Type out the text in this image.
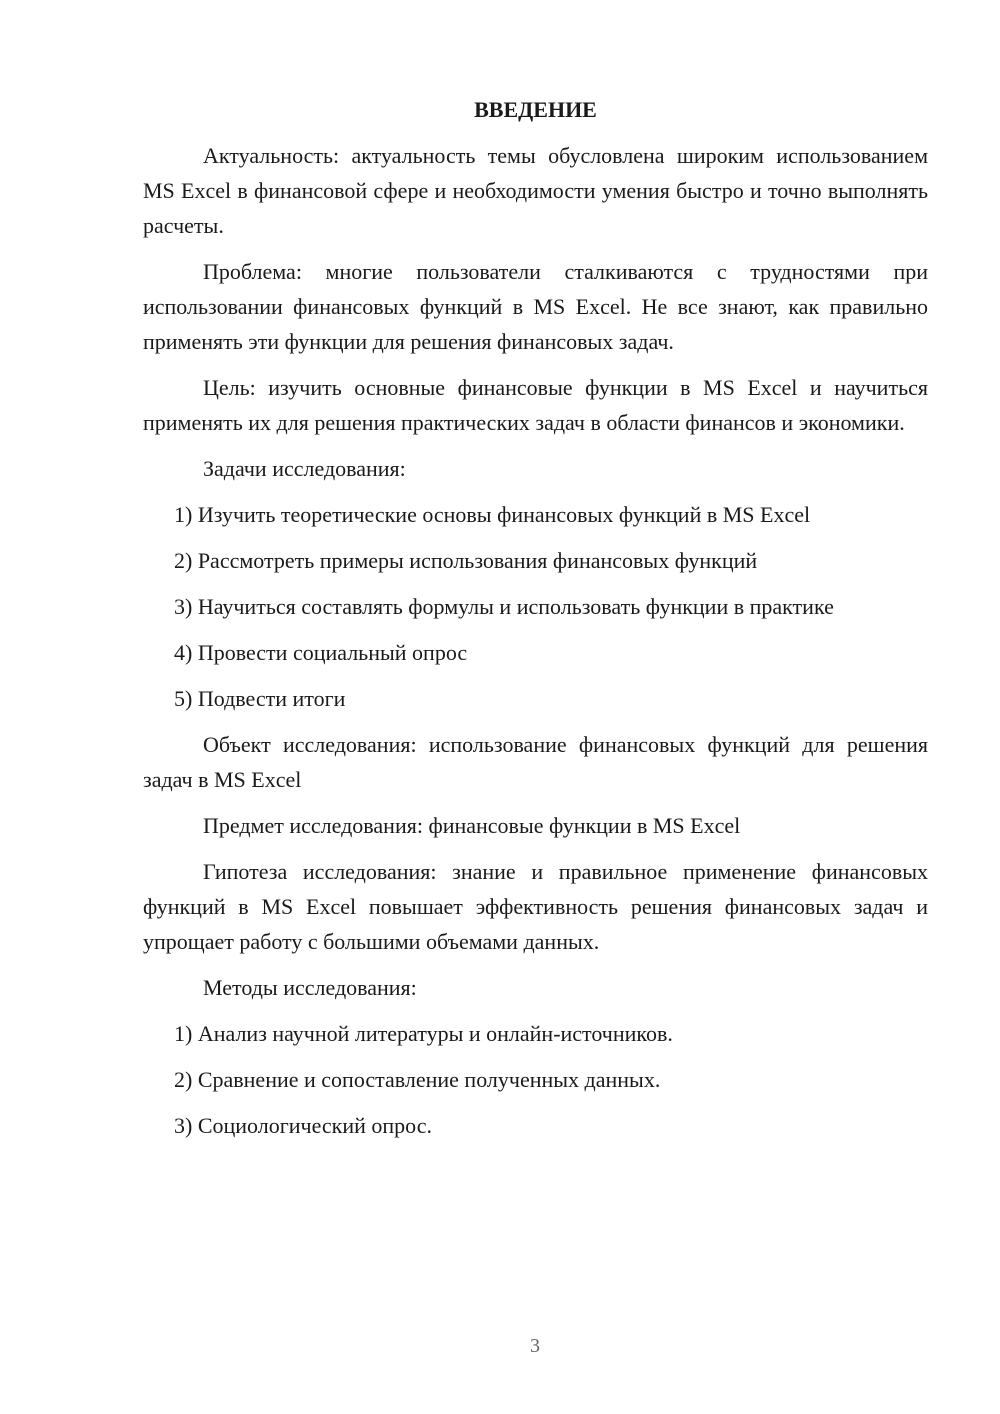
ВВЕДЕНИЕ

Актуальность: актуальность темы обусловлена широким использованием MS Excel в финансовой сфере и необходимости умения быстро и точно выполнять расчеты.

Проблема: многие пользователи сталкиваются с трудностями при использовании финансовых функций в MS Excel. Не все знают, как правильно применять эти функции для решения финансовых задач.

Цель: изучить основные финансовые функции в MS Excel и научиться применять их для решения практических задач в области финансов и экономики.

Задачи исследования:

1) Изучить теоретические основы финансовых функций в MS Excel

2) Рассмотреть примеры использования финансовых функций

3) Научиться составлять формулы и использовать функции в практике

4) Провести социальный опрос

5) Подвести итоги

Объект исследования: использование финансовых функций для решения задач в MS Excel

Предмет исследования: финансовые функции в MS Excel

Гипотеза исследования: знание и правильное применение финансовых функций в MS Excel повышает эффективность решения финансовых задач и упрощает работу с большими объемами данных.

Методы исследования:

1) Анализ научной литературы и онлайн-источников.

2) Сравнение и сопоставление полученных данных.

3) Социологический опрос.

3
